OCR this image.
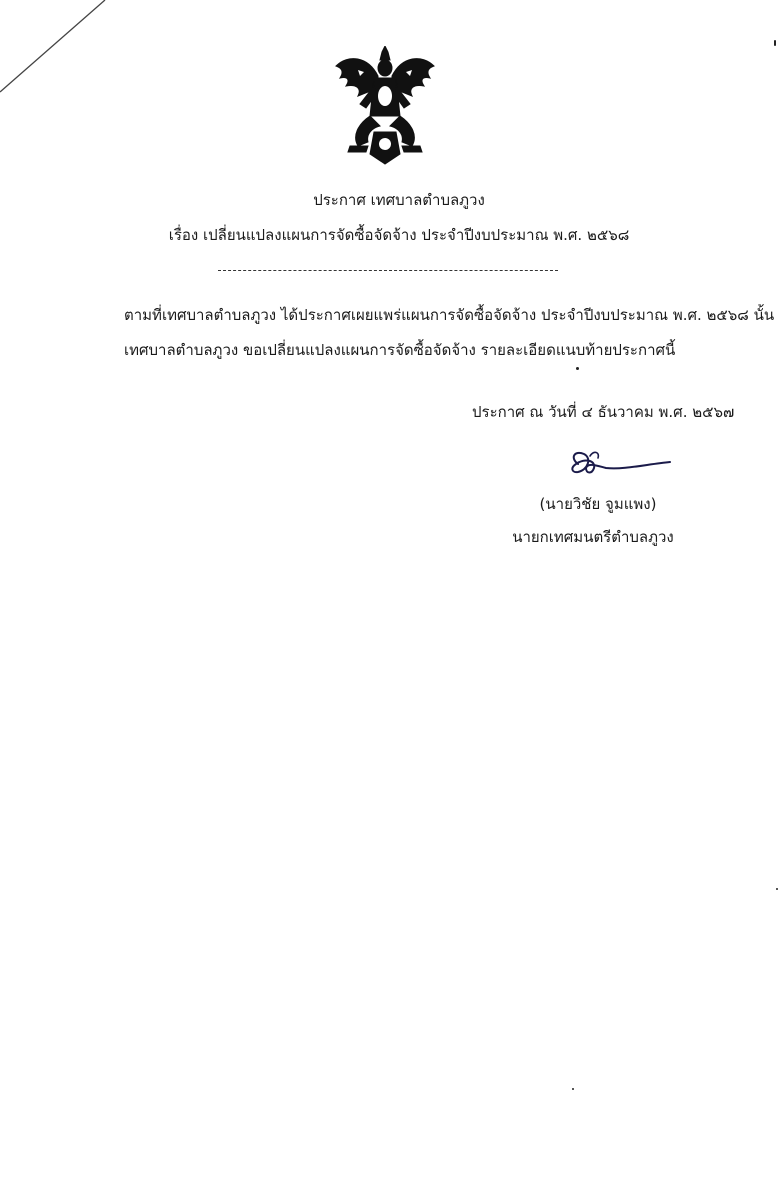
ประกาศ เทศบาลตำบลภูวง
เรื่อง เปลี่ยนแปลงแผนการจัดซื้อจัดจ้าง ประจำปีงบประมาณ พ.ศ. ๒๕๖๘
ตามที่เทศบาลตำบลภูวง ได้ประกาศเผยแพร่แผนการจัดซื้อจัดจ้าง ประจำปีงบประมาณ พ.ศ. ๒๕๖๘ นั้น
เทศบาลตำบลภูวง ขอเปลี่ยนแปลงแผนการจัดซื้อจัดจ้าง รายละเอียดแนบท้ายประกาศนี้
ประกาศ ณ วันที่ ๔ ธันวาคม พ.ศ. ๒๕๖๗
(นายวิชัย จูมแพง)
นายกเทศมนตรีตำบลภูวง
